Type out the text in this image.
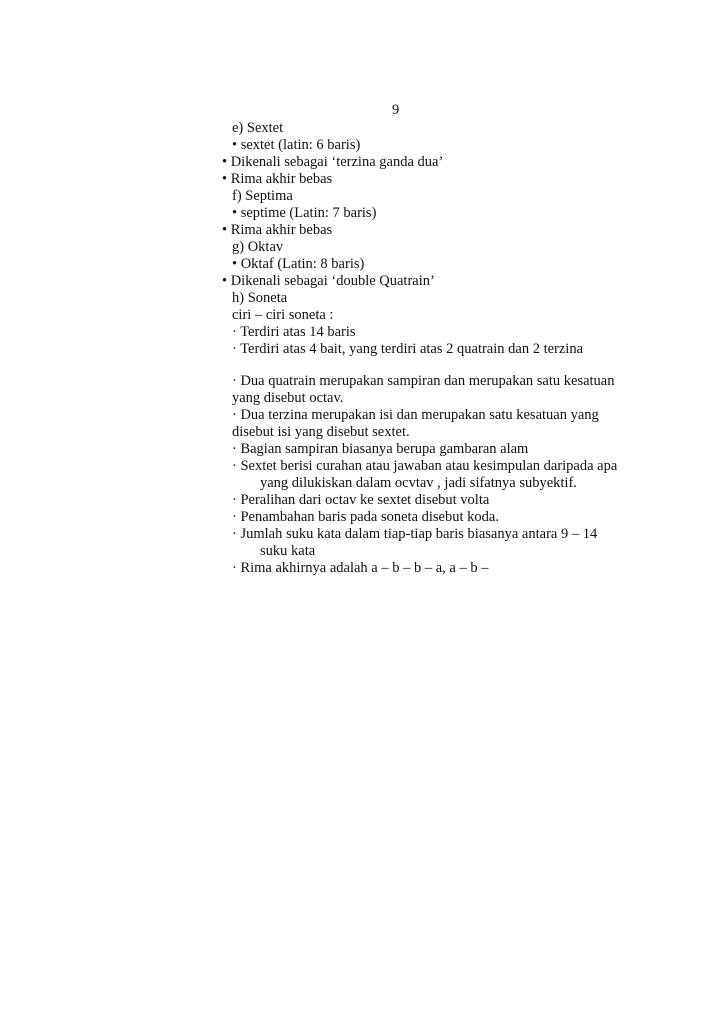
9
e) Sextet
• sextet (latin: 6 baris)
• Dikenali sebagai ‘terzina ganda dua’
• Rima akhir bebas
f) Septima
• septime (Latin: 7 baris)
• Rima akhir bebas
g) Oktav
• Oktaf (Latin: 8 baris)
• Dikenali sebagai ‘double Quatrain’
h) Soneta
ciri – ciri soneta :
· Terdiri atas 14 baris
· Terdiri atas 4 bait, yang terdiri atas 2 quatrain dan 2 terzina
· Dua quatrain merupakan sampiran dan merupakan satu kesatuan
yang disebut octav.
· Dua terzina merupakan isi dan merupakan satu kesatuan yang
disebut isi yang disebut sextet.
· Bagian sampiran biasanya berupa gambaran alam
· Sextet berisi curahan atau jawaban atau kesimpulan daripada apa
yang dilukiskan dalam ocvtav , jadi sifatnya subyektif.
· Peralihan dari octav ke sextet disebut volta
· Penambahan baris pada soneta disebut koda.
· Jumlah suku kata dalam tiap-tiap baris biasanya antara 9 – 14
suku kata
· Rima akhirnya adalah a – b – b – a, a – b –
